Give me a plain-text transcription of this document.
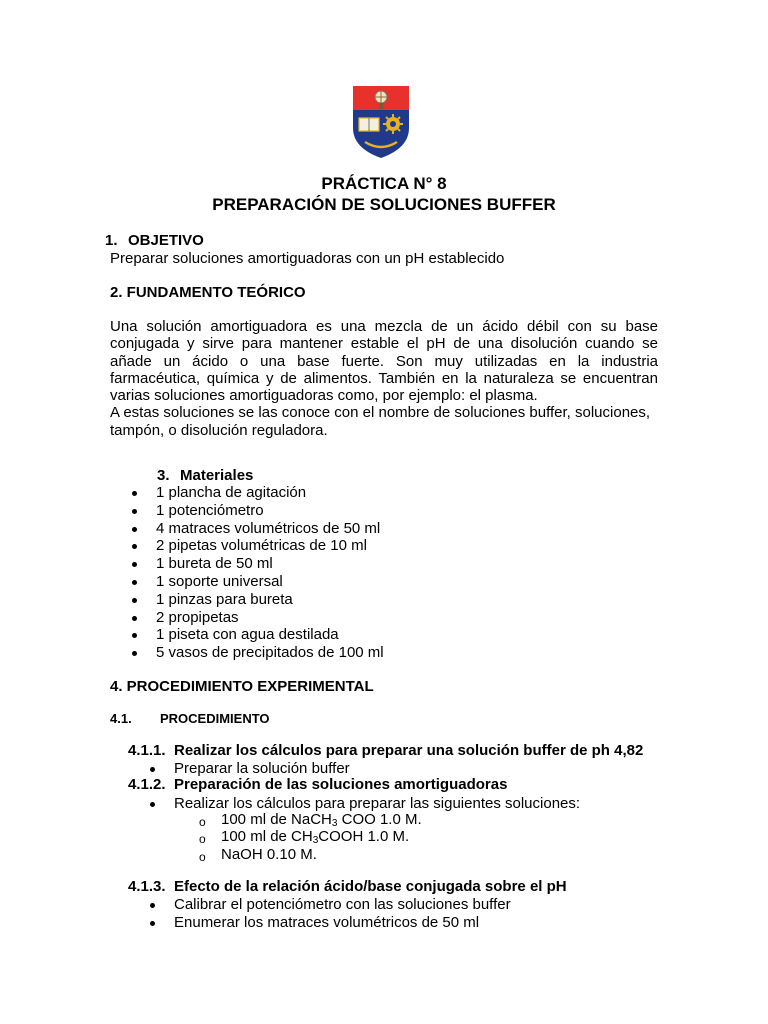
PRÁCTICA N° 8
PREPARACIÓN DE SOLUCIONES BUFFER
1. OBJETIVO
Preparar soluciones amortiguadoras con un pH establecido
2. FUNDAMENTO TEÓRICO

Una solución amortiguadora es una mezcla de un ácido débil con su base conjugada y sirve para mantener estable el pH de una disolución cuando se añade un ácido o una base fuerte. Son muy utilizadas en la industria farmacéutica, química y de alimentos. También en la naturaleza se encuentran varias soluciones amortiguadoras como, por ejemplo: el plasma.

A estas soluciones se las conoce con el nombre de soluciones buffer, soluciones, tampón, o disolución reguladora.

3. Materiales
1 plancha de agitación
1 potenciómetro
4 matraces volumétricos de 50 ml
2 pipetas volumétricas de 10 ml
1 bureta de 50 ml
1 soporte universal
1 pinzas para bureta
2 propipetas
1 piseta con agua destilada
5 vasos de precipitados de 100 ml
4. PROCEDIMIENTO EXPERIMENTAL
4.1. PROCEDIMIENTO
4.1.1. Realizar los cálculos para preparar una solución buffer de ph 4,82
Preparar la solución buffer
4.1.2. Preparación de las soluciones amortiguadoras
Realizar los cálculos para preparar las siguientes soluciones:
o 100 ml de NaCH$_3$ COO 1.0 M.
o 100 ml de $CH_3COOH$ 1.0 M.
o NaOH 0.10 M.
4.1.3. Efecto de la relación ácido/base conjugada sobre el pH
Calibrar el potenciómetro con las soluciones buffer
Enumerar los matraces volumétricos de 50 ml
